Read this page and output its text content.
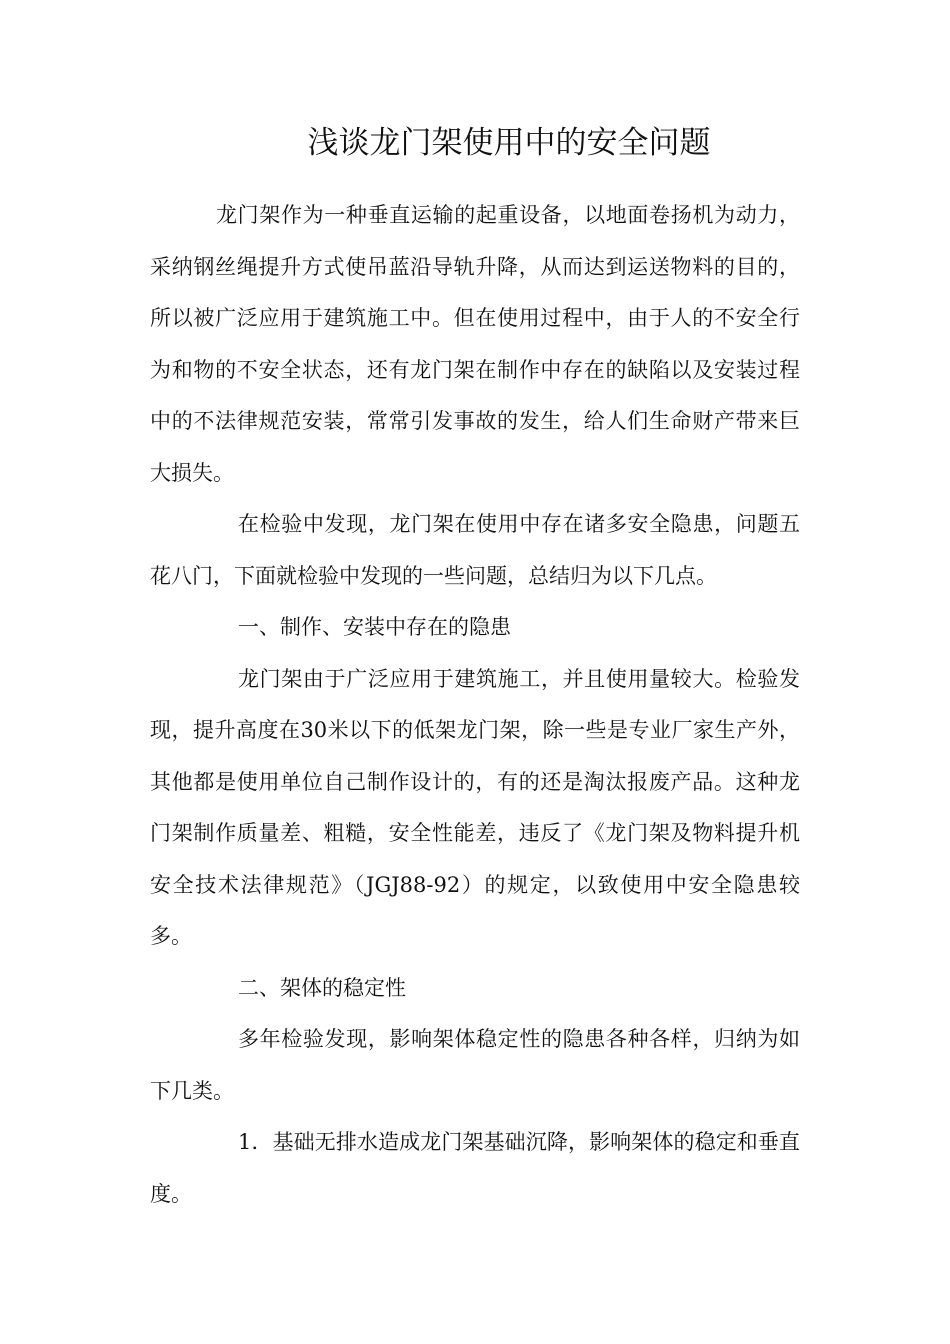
浅谈龙门架使用中的安全问题

龙门架作为一种垂直运输的起重设备，以地面卷扬机为动力，采纳钢丝绳提升方式使吊蓝沿导轨升降，从而达到运送物料的目的，所以被广泛应用于建筑施工中。但在使用过程中，由于人的不安全行为和物的不安全状态，还有龙门架在制作中存在的缺陷以及安装过程中的不法律规范安装，常常引发事故的发生，给人们生命财产带来巨大损失。

在检验中发现，龙门架在使用中存在诸多安全隐患，问题五花八门，下面就检验中发现的一些问题，总结归为以下几点。

一、制作、安装中存在的隐患

龙门架由于广泛应用于建筑施工，并且使用量较大。检验发现，提升高度在30米以下的低架龙门架，除一些是专业厂家生产外，其他都是使用单位自己制作设计的，有的还是淘汰报废产品。这种龙门架制作质量差、粗糙，安全性能差，违反了《龙门架及物料提升机安全技术法律规范》（JGJ88-92）的规定，以致使用中安全隐患较多。

二、架体的稳定性

多年检验发现，影响架体稳定性的隐患各种各样，归纳为如下几类。

1．基础无排水造成龙门架基础沉降，影响架体的稳定和垂直度。
